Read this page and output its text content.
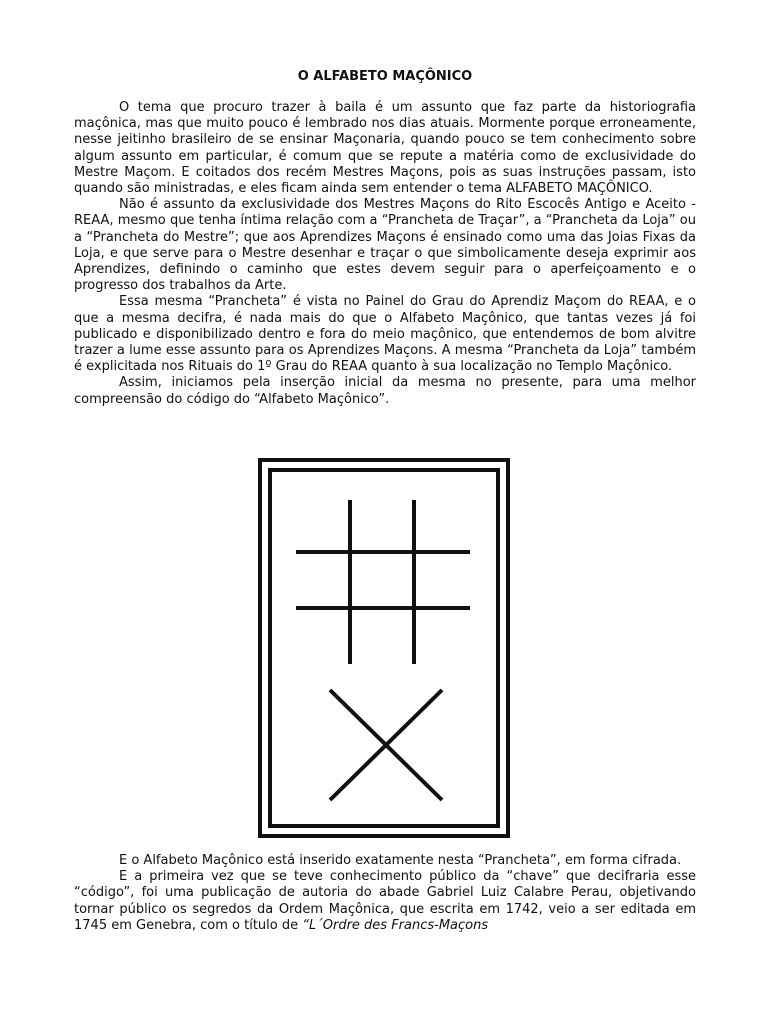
O ALFABETO MAÇÔNICO

O tema que procuro trazer à baila é um assunto que faz parte da historiografia maçônica, mas que muito pouco é lembrado nos dias atuais. Mormente porque erroneamente, nesse jeitinho brasileiro de se ensinar Maçonaria, quando pouco se tem conhecimento sobre algum assunto em particular, é comum que se repute a matéria como de exclusividade do Mestre Maçom. E coitados dos recém Mestres Maçons, pois as suas instruções passam, isto quando são ministradas, e eles ficam ainda sem entender o tema ALFABETO MAÇÔNICO.

Não é assunto da exclusividade dos Mestres Maçons do Rito Escocês Antigo e Aceito - REAA, mesmo que tenha íntima relação com a “Prancheta de Traçar”, a “Prancheta da Loja” ou a “Prancheta do Mestre”; que aos Aprendizes Maçons é ensinado como uma das Joias Fixas da Loja, e que serve para o Mestre desenhar e traçar o que simbolicamente deseja exprimir aos Aprendizes, definindo o caminho que estes devem seguir para o aperfeiçoamento e o progresso dos trabalhos da Arte.

Essa mesma “Prancheta” é vista no Painel do Grau do Aprendiz Maçom do REAA, e o que a mesma decifra, é nada mais do que o Alfabeto Maçônico, que tantas vezes já foi publicado e disponibilizado dentro e fora do meio maçônico, que entendemos de bom alvitre trazer a lume esse assunto para os Aprendizes Maçons. A mesma “Prancheta da Loja” também é explicitada nos Rituais do 1º Grau do REAA quanto à sua localização no Templo Maçônico.

Assim, iniciamos pela inserção inicial da mesma no presente, para uma melhor compreensão do código do “Alfabeto Maçônico”.

E o Alfabeto Maçônico está inserido exatamente nesta “Prancheta”, em forma cifrada.

E a primeira vez que se teve conhecimento público da “chave” que decifraria esse “código”, foi uma publicação de autoria do abade Gabriel Luiz Calabre Perau, objetivando tornar público os segredos da Ordem Maçônica, que escrita em 1742, veio a ser editada em 1745 em Genebra, com o título de “L´Ordre des Francs-Maçons
